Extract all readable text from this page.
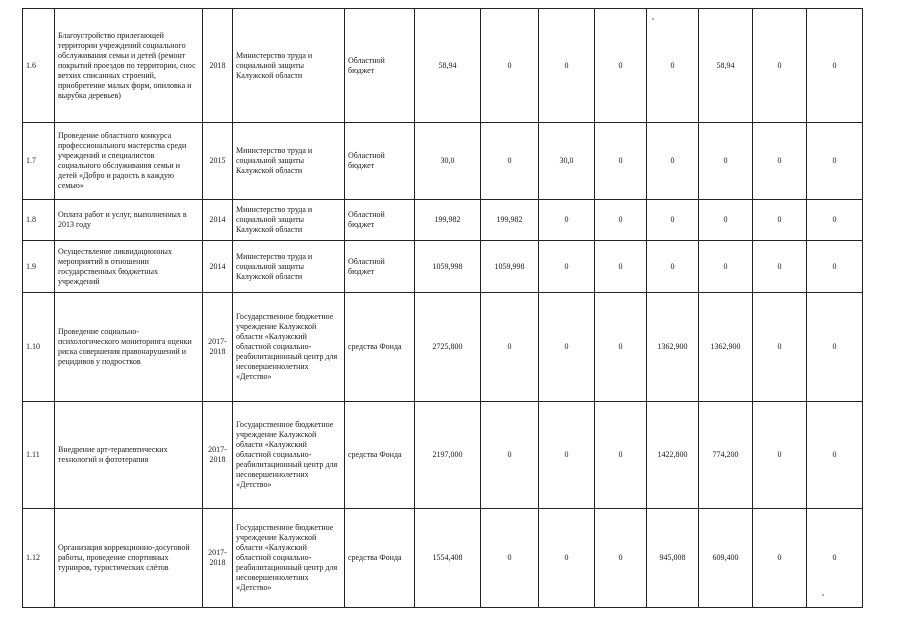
1.6	Благоустройство прилегающей территории учреждений социального обслуживания семьи и детей (ремонт покрытий проездов по территории, снос ветхих списанных строений, приобретение малых форм, опиловка и вырубка деревьев)	2018	Министерство труда и социальной защиты Калужской области	Областной бюджет	58,94	0	0	0	0	58,94	0	0
1.7	Проведение областного конкурса профессионального мастерства среди учреждений и специалистов социального обслуживания семьи и детей «Добро и радость в каждую семью»	2015	Министерство труда и социальной защиты Калужской области	Областной бюджет	30,0	0	30,0	0	0	0	0	0
1.8	Оплата работ и услуг, выполненных в 2013 году	2014	Министерство труда и социальной защиты Калужской области	Областной бюджет	199,982	199,982	0	0	0	0	0	0
1.9	Осуществление ликвидационных мероприятий в отношении государственных бюджетных учреждений	2014	Министерство труда и социальной защиты Калужской области	Областной бюджет	1059,998	1059,998	0	0	0	0	0	0
1.10	Проведение социально-психологического мониторинга оценки риска совершения правонарушений и рецидивов у подростков	2017-2018	Государственное бюджетное учреждение Калужской области «Калужский областной социально-реабилитационный центр для несовершеннолетних «Детство»	средства Фонда	2725,800	0	0	0	1362,900	1362,900	0	0
1.11	Внедрение арт-терапевтических технологий и фототерапия	2017-2018	Государственное бюджетное учреждение Калужской области «Калужский областной социально-реабилитационный центр для несовершеннолетних «Детство»	средства Фонда	2197,000	0	0	0	1422,800	774,200	0	0
1.12	Организация коррекционно-досуговой работы, проведение спортивных турниров, туристических слётов	2017-2018	Государственное бюджетное учреждение Калужской области «Калужский областной социально-реабилитационный центр для несовершеннолетних «Детство»	средства Фонда	1554,408	0	0	0	945,008	609,400	0	0
